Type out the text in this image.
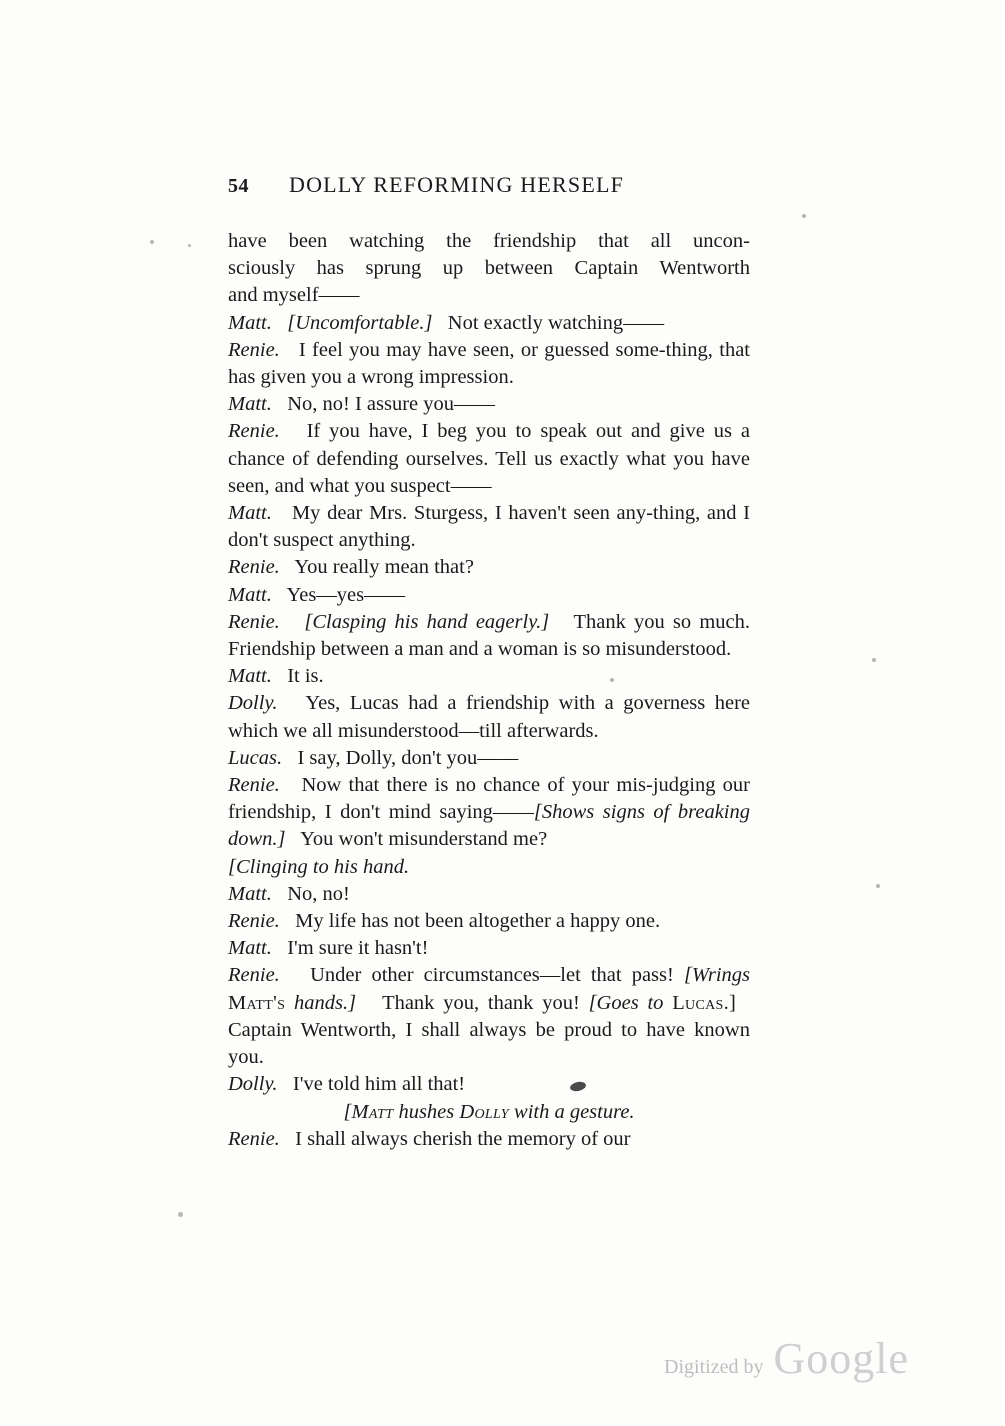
54 DOLLY REFORMING HERSELF

have been watching the friendship that all uncon-

sciously has sprung up between Captain Wentworth

and myself——

Matt. [Uncomfortable.] Not exactly watching——

Renie. I feel you may have seen, or guessed some-thing, that has given you a wrong impression.

Matt. No, no! I assure you——

Renie. If you have, I beg you to speak out and give us a chance of defending ourselves. Tell us exactly what you have seen, and what you suspect——

Matt. My dear Mrs. Sturgess, I haven't seen any-thing, and I don't suspect anything.

Renie. You really mean that?

Matt. Yes—yes——

Renie. [Clasping his hand eagerly.] Thank you so much. Friendship between a man and a woman is so misunderstood.

Matt. It is.

Dolly. Yes, Lucas had a friendship with a governess here which we all misunderstood—till afterwards.

Lucas. I say, Dolly, don't you——

Renie. Now that there is no chance of your mis-judging our friendship, I don't mind saying——[Shows signs of breaking down.] You won't misunderstand me?
[Clinging to his hand.

Matt. No, no!

Renie. My life has not been altogether a happy one.

Matt. I'm sure it hasn't!

Renie. Under other circumstances—let that pass! [Wrings Matt's hands.] Thank you, thank you! [Goes to Lucas.]   Captain Wentworth, I shall always be proud to have known you.

Dolly. I've told him all that!

[Matt hushes Dolly with a gesture.

Renie. I shall always cherish the memory of our

Digitized by Google
